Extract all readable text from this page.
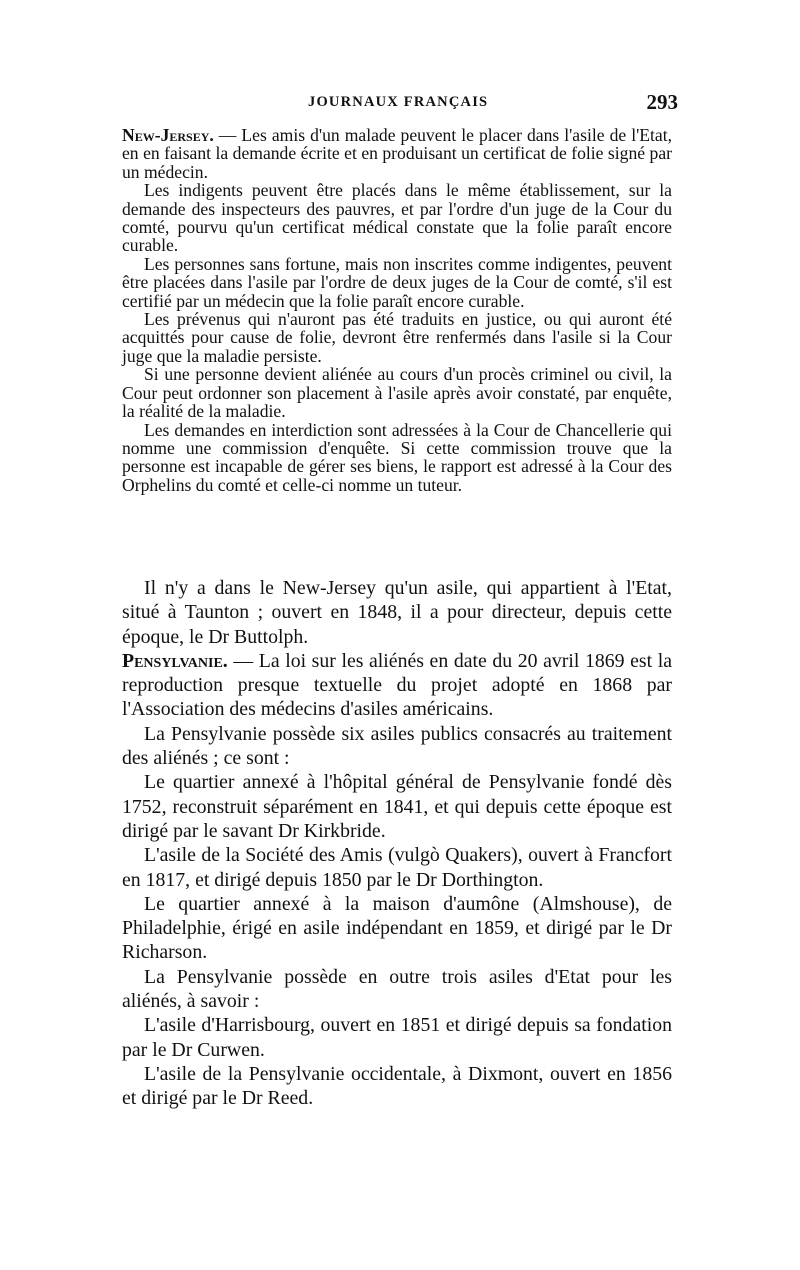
JOURNAUX FRANÇAIS	293

New-Jersey. — Les amis d'un malade peuvent le placer dans l'asile de l'Etat, en en faisant la demande écrite et en produisant un certificat de folie signé par un médecin.

Les indigents peuvent être placés dans le même établissement, sur la demande des inspecteurs des pauvres, et par l'ordre d'un juge de la Cour du comté, pourvu qu'un certificat médical constate que la folie paraît encore curable.

Les personnes sans fortune, mais non inscrites comme indigentes, peuvent être placées dans l'asile par l'ordre de deux juges de la Cour de comté, s'il est certifié par un médecin que la folie paraît encore curable.

Les prévenus qui n'auront pas été traduits en justice, ou qui auront été acquittés pour cause de folie, devront être renfermés dans l'asile si la Cour juge que la maladie persiste.

Si une personne devient aliénée au cours d'un procès criminel ou civil, la Cour peut ordonner son placement à l'asile après avoir constaté, par enquête, la réalité de la maladie.

Les demandes en interdiction sont adressées à la Cour de Chancellerie qui nomme une commission d'enquête. Si cette commission trouve que la personne est incapable de gérer ses biens, le rapport est adressé à la Cour des Orphelins du comté et celle-ci nomme un tuteur.

Il n'y a dans le New-Jersey qu'un asile, qui appartient à l'Etat, situé à Taunton ; ouvert en 1848, il a pour directeur, depuis cette époque, le Dr Buttolph.

Pensylvanie. — La loi sur les aliénés en date du 20 avril 1869 est la reproduction presque textuelle du projet adopté en 1868 par l'Association des médecins d'asiles américains.

La Pensylvanie possède six asiles publics consacrés au traitement des aliénés ; ce sont :

Le quartier annexé à l'hôpital général de Pensylvanie fondé dès 1752, reconstruit séparément en 1841, et qui depuis cette époque est dirigé par le savant Dr Kirkbride.

L'asile de la Société des Amis (vulgò Quakers), ouvert à Francfort en 1817, et dirigé depuis 1850 par le Dr Dorthington.

Le quartier annexé à la maison d'aumône (Almshouse), de Philadelphie, érigé en asile indépendant en 1859, et dirigé par le Dr Richarson.

La Pensylvanie possède en outre trois asiles d'Etat pour les aliénés, à savoir :

L'asile d'Harrisbourg, ouvert en 1851 et dirigé depuis sa fondation par le Dr Curwen.

L'asile de la Pensylvanie occidentale, à Dixmont, ouvert en 1856 et dirigé par le Dr Reed.
